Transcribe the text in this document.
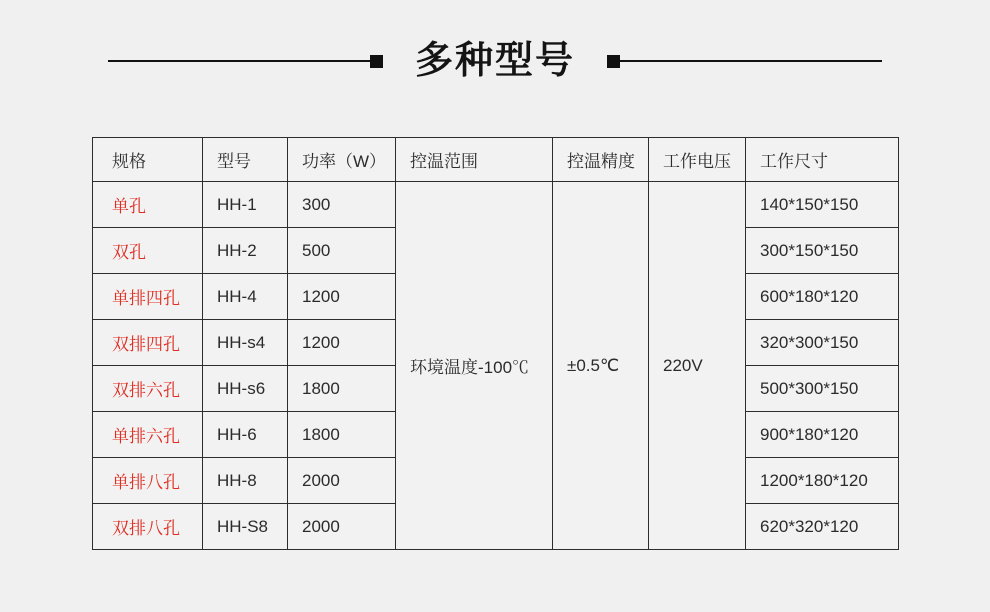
多种型号
规格	型号	功率（W）	控温范围	控温精度	工作电压	工作尺寸
单孔	HH-1	300	环境温度-100℃	±0.5℃	220V	140*150*150
双孔	HH-2	500				300*150*150
单排四孔	HH-4	1200				600*180*120
双排四孔	HH-s4	1200				320*300*150
双排六孔	HH-s6	1800				500*300*150
单排六孔	HH-6	1800				900*180*120
单排八孔	HH-8	2000				1200*180*120
双排八孔	HH-S8	2000				620*320*120
